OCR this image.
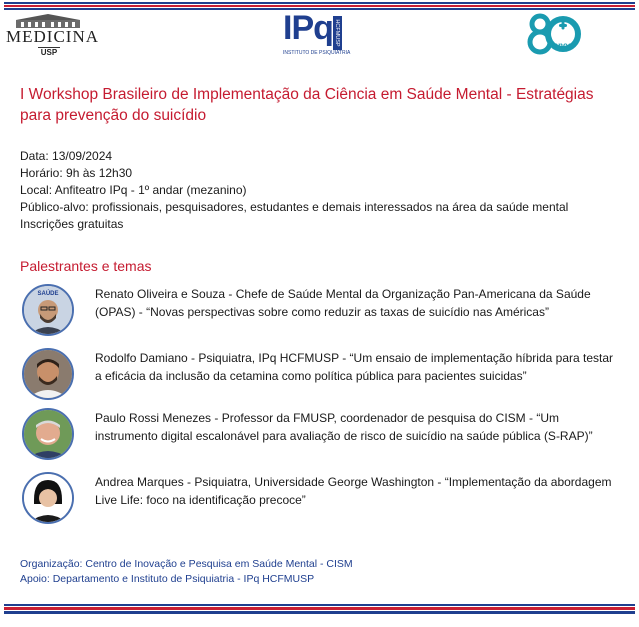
MEDICINA
USP
IPq HCFMUSP
INSTITUTO DE PSIQUIATRIA
80
anos
I Workshop Brasileiro de Implementação da Ciência em Saúde Mental - Estratégias para prevenção do suicídio
Data: 13/09/2024
Horário: 9h às 12h30
Local: Anfiteatro IPq - 1º andar (mezanino)
Público-alvo: profissionais, pesquisadores, estudantes e demais interessados na área da saúde mental
Inscrições gratuitas
Palestrantes e temas
SAÚDE	Renato Oliveira e Souza - Chefe de Saúde Mental da Organização Pan-Americana da Saúde (OPAS) - “Novas perspectivas sobre como reduzir as taxas de suicídio nas Américas”
Rodolfo Damiano - Psiquiatra, IPq HCFMUSP - “Um ensaio de implementação híbrida para testar a eficácia da inclusão da cetamina como política pública para pacientes suicidas”
Paulo Rossi Menezes - Professor da FMUSP, coordenador de pesquisa do CISM - “Um instrumento digital escalonável para avaliação de risco de suicídio na saúde pública (S-RAP)”
Andrea Marques - Psiquiatra, Universidade George Washington - “Implementação da abordagem Live Life: foco na identificação precoce”
Organização: Centro de Inovação e Pesquisa em Saúde Mental - CISM
Apoio: Departamento e Instituto de Psiquiatria - IPq HCFMUSP
